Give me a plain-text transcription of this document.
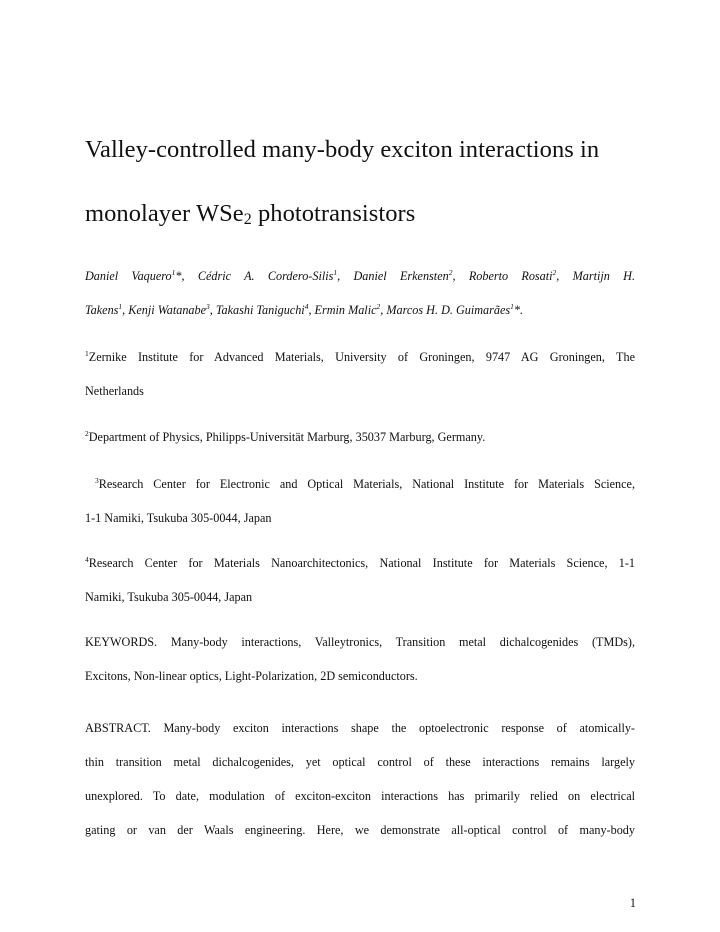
Valley-controlled many-body exciton interactions in
monolayer WSe2 phototransistors
Daniel Vaquero$^1$*, Cédric A. Cordero-Silis$^1$, Daniel Erkensten$^2$, Roberto Rosati$^2$, Martijn H.
Takens$^1$, Kenji Watanabe$^3$, Takashi Taniguchi$^4$, Ermin Malic$^2$, Marcos H. D. Guimarães$^1$*.
$^1$Zernike Institute for Advanced Materials, University of Groningen, 9747 AG Groningen, The
Netherlands
$^2$Department of Physics, Philipps-Universität Marburg, 35037 Marburg, Germany.
$^3$Research Center for Electronic and Optical Materials, National Institute for Materials Science,
1-1 Namiki, Tsukuba 305-0044, Japan
$^4$Research Center for Materials Nanoarchitectonics, National Institute for Materials Science, 1-1
Namiki, Tsukuba 305-0044, Japan
KEYWORDS. Many-body interactions, Valleytronics, Transition metal dichalcogenides (TMDs),
Excitons, Non-linear optics, Light-Polarization, 2D semiconductors.
ABSTRACT. Many-body exciton interactions shape the optoelectronic response of atomically-
thin transition metal dichalcogenides, yet optical control of these interactions remains largely
unexplored. To date, modulation of exciton-exciton interactions has primarily relied on electrical
gating or van der Waals engineering. Here, we demonstrate all-optical control of many-body
1
